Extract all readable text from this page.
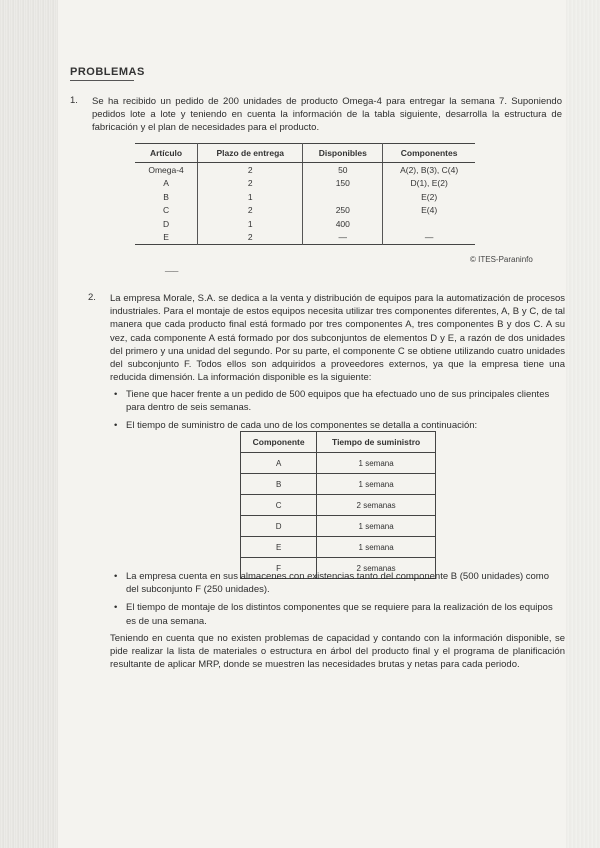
PROBLEMAS
1. Se ha recibido un pedido de 200 unidades de producto Omega-4 para entregar la semana 7. Suponiendo pedidos lote a lote y teniendo en cuenta la información de la tabla siguiente, desarrolla la estructura de fabricación y el plan de necesidades para el producto.

Artículo	Plazo de entrega	Disponibles	Componentes
Omega-4	2	50	A(2), B(3), C(4)
A	2	150	D(1), E(2)
B	1		E(2)
C	2	250	E(4)
D	1	400	
E	2	—	—
© ITES-Paraninfo
___
2. La empresa Morale, S.A. se dedica a la venta y distribución de equipos para la automatización de procesos industriales. Para el montaje de estos equipos necesita utilizar tres componentes diferentes, A, B y C, de tal manera que cada producto final está formado por tres componentes A, tres componentes B y dos C. A su vez, cada componente A está formado por dos subconjuntos de elementos D y E, a razón de dos unidades del primero y una unidad del segundo. Por su parte, el componente C se obtiene utilizando cuatro unidades del subconjunto F. Todos ellos son adquiridos a proveedores externos, ya que la empresa tiene una reducida dimensión. La información disponible es la siguiente:

• Tiene que hacer frente a un pedido de 500 equipos que ha efectuado uno de sus principales clientes para dentro de seis semanas.
• El tiempo de suministro de cada uno de los componentes se detalla a continuación:
Componente	Tiempo de suministro
A	1 semana
B	1 semana
C	2 semanas
D	1 semana
E	1 semana
F	2 semanas
• La empresa cuenta en sus almacenes con existencias tanto del componente B (500 unidades) como del subconjunto F (250 unidades).
• El tiempo de montaje de los distintos componentes que se requiere para la realización de los equipos es de una semana.

Teniendo en cuenta que no existen problemas de capacidad y contando con la información disponible, se pide realizar la lista de materiales o estructura en árbol del producto final y el programa de planificación resultante de aplicar MRP, donde se muestren las necesidades brutas y netas para cada periodo.
